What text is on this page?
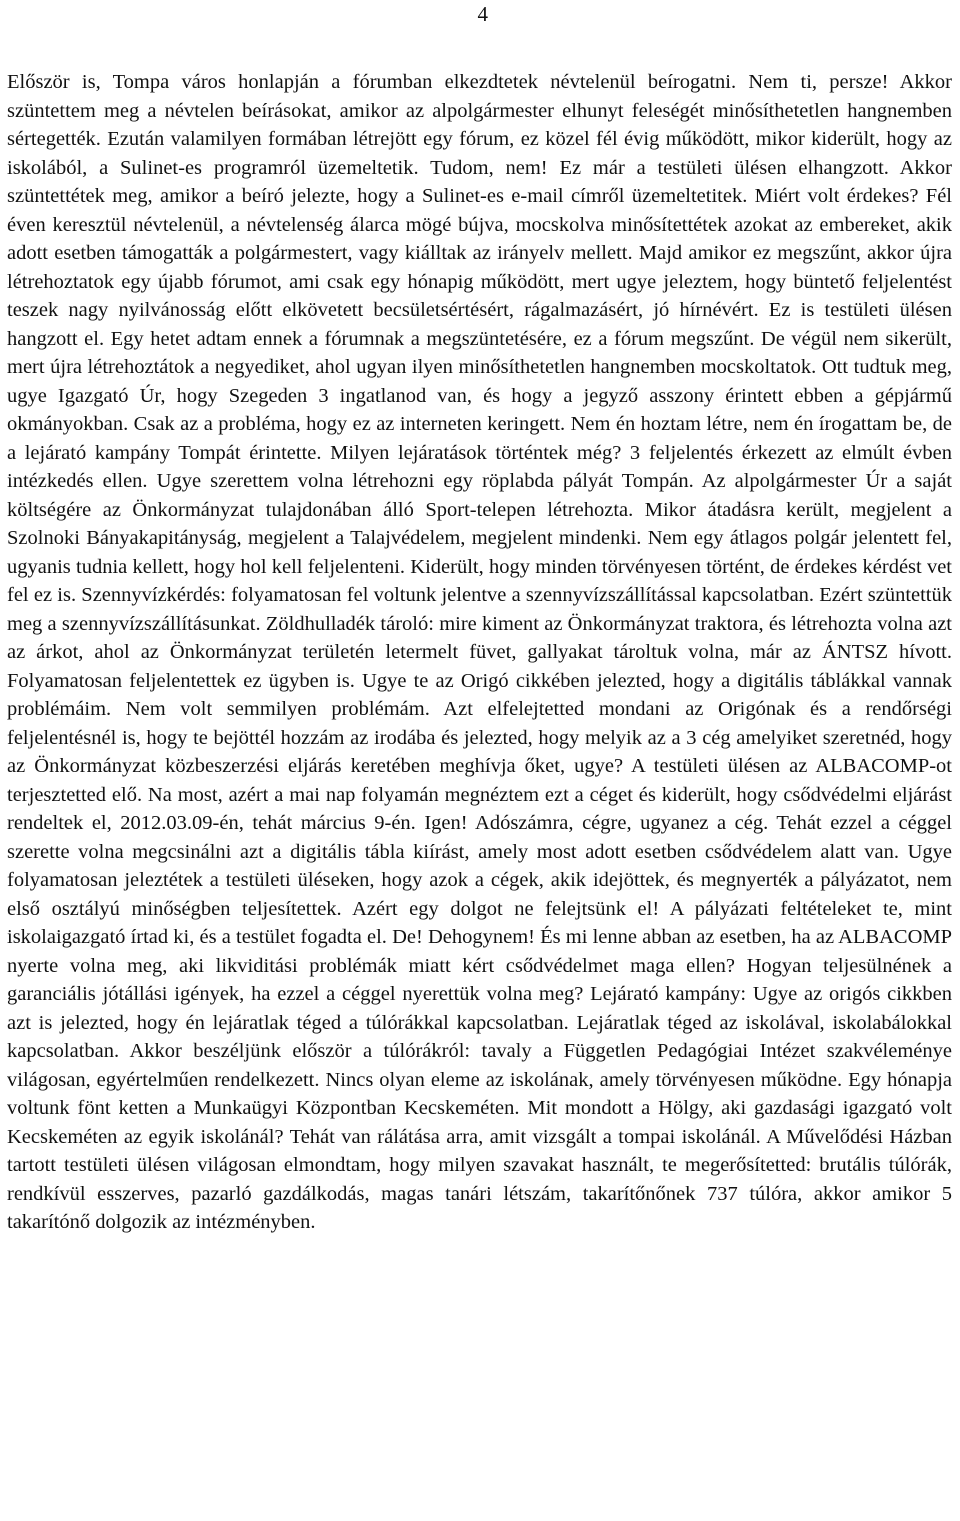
4

Először is, Tompa város honlapján a fórumban elkezdtetek névtelenül beírogatni. Nem ti, persze! Akkor szüntettem meg a névtelen beírásokat, amikor az alpolgármester elhunyt feleségét minősíthetetlen hangnemben sértegették. Ezután valamilyen formában létrejött egy fórum, ez közel fél évig működött, mikor kiderült, hogy az iskolából, a Sulinet-es programról üzemeltetik. Tudom, nem! Ez már a testületi ülésen elhangzott. Akkor szüntettétek meg, amikor a beíró jelezte, hogy a Sulinet-es e-mail címről üzemeltetitek. Miért volt érdekes? Fél éven keresztül névtelenül, a névtelenség álarca mögé bújva, mocskolva minősítettétek azokat az embereket, akik adott esetben támogatták a polgármestert, vagy kiálltak az irányelv mellett. Majd amikor ez megszűnt, akkor újra létrehoztatok egy újabb fórumot, ami csak egy hónapig működött, mert ugye jeleztem, hogy büntető feljelentést teszek nagy nyilvánosság előtt elkövetett becsületsértésért, rágalmazásért, jó hírnévért. Ez is testületi ülésen hangzott el. Egy hetet adtam ennek a fórumnak a megszüntetésére, ez a fórum megszűnt. De végül nem sikerült, mert újra létrehoztátok a negyediket, ahol ugyan ilyen minősíthetetlen hangnemben mocskoltatok. Ott tudtuk meg, ugye Igazgató Úr, hogy Szegeden 3 ingatlanod van, és hogy a jegyző asszony érintett ebben a gépjármű okmányokban. Csak az a probléma, hogy ez az interneten keringett. Nem én hoztam létre, nem én írogattam be, de a lejárató kampány Tompát érintette. Milyen lejáratások történtek még? 3 feljelentés érkezett az elmúlt évben intézkedés ellen. Ugye szerettem volna létrehozni egy röplabda pályát Tompán. Az alpolgármester Úr a saját költségére az Önkormányzat tulajdonában álló Sport-telepen létrehozta. Mikor átadásra került, megjelent a Szolnoki Bányakapitányság, megjelent a Talajvédelem, megjelent mindenki. Nem egy átlagos polgár jelentett fel, ugyanis tudnia kellett, hogy hol kell feljelenteni. Kiderült, hogy minden törvényesen történt, de érdekes kérdést vet fel ez is. Szennyvízkérdés: folyamatosan fel voltunk jelentve a szennyvízszállítással kapcsolatban. Ezért szüntettük meg a szennyvízszállításunkat. Zöldhulladék tároló: mire kiment az Önkormányzat traktora, és létrehozta volna azt az árkot, ahol az Önkormányzat területén letermelt füvet, gallyakat tároltuk volna, már az ÁNTSZ hívott. Folyamatosan feljelentettek ez ügyben is. Ugye te az Origó cikkében jelezted, hogy a digitális táblákkal vannak problémáim. Nem volt semmilyen problémám. Azt elfelejtetted mondani az Origónak és a rendőrségi feljelentésnél is, hogy te bejöttél hozzám az irodába és jelezted, hogy melyik az a 3 cég amelyiket szeretnéd, hogy az Önkormányzat közbeszerzési eljárás keretében meghívja őket, ugye? A testületi ülésen az ALBACOMP-ot terjesztetted elő. Na most, azért a mai nap folyamán megnéztem ezt a céget és kiderült, hogy csődvédelmi eljárást rendeltek el, 2012.03.09-én, tehát március 9-én. Igen! Adószámra, cégre, ugyanez a cég. Tehát ezzel a céggel szerette volna megcsinálni azt a digitális tábla kiírást, amely most adott esetben csődvédelem alatt van. Ugye folyamatosan jeleztétek a testületi üléseken, hogy azok a cégek, akik idejöttek, és megnyerték a pályázatot, nem első osztályú minőségben teljesítettek. Azért egy dolgot ne felejtsünk el! A pályázati feltételeket te, mint iskolaigazgató írtad ki, és a testület fogadta el. De! Dehogynem! És mi lenne abban az esetben, ha az ALBACOMP nyerte volna meg, aki likviditási problémák miatt kért csődvédelmet maga ellen? Hogyan teljesülnének a garanciális jótállási igények, ha ezzel a céggel nyerettük volna meg? Lejárató kampány: Ugye az origós cikkben azt is jelezted, hogy én lejáratlak téged a túlórákkal kapcsolatban. Lejáratlak téged az iskolával, iskolabálokkal kapcsolatban. Akkor beszéljünk először a túlórákról: tavaly a Független Pedagógiai Intézet szakvéleménye világosan, egyértelműen rendelkezett. Nincs olyan eleme az iskolának, amely törvényesen működne. Egy hónapja voltunk fönt ketten a Munkaügyi Központban Kecskeméten. Mit mondott a Hölgy, aki gazdasági igazgató volt Kecskeméten az egyik iskolánál? Tehát van rálátása arra, amit vizsgált a tompai iskolánál. A Művelődési Házban tartott testületi ülésen világosan elmondtam, hogy milyen szavakat használt, te megerősítetted: brutális túlórák, rendkívül esszerves, pazarló gazdálkodás, magas tanári létszám, takarítőnőnek 737 túlóra, akkor amikor 5 takarítónő dolgozik az intézményben.
